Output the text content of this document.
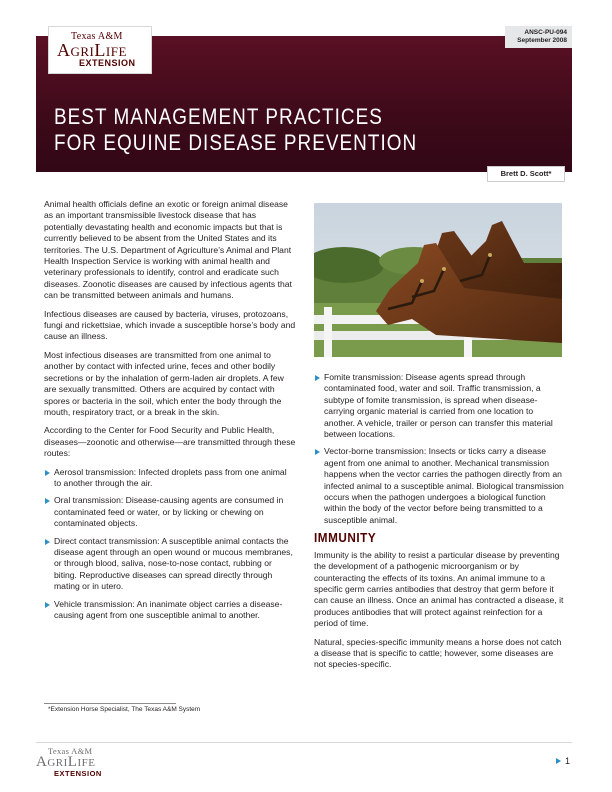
Texas A&M
AgriLife
EXTENSION
ANSC-PU-094
September 2008
BEST MANAGEMENT PRACTICES
FOR EQUINE DISEASE PREVENTION
Brett D. Scott*

Animal health officials define an exotic or foreign animal disease as an important transmissible livestock disease that has potentially devastating health and economic impacts but that is currently believed to be absent from the United States and its territories. The U.S. Department of Agriculture’s Animal and Plant Health Inspection Service is working with animal health and veterinary professionals to identify, control and eradicate such diseases. Zoonotic diseases are caused by infectious agents that can be transmitted between animals and humans.

Infectious diseases are caused by bacteria, viruses, protozoans, fungi and rickettsiae, which invade a susceptible horse’s body and cause an illness.

Most infectious diseases are transmitted from one animal to another by contact with infected urine, feces and other bodily secretions or by the inhalation of germ-laden air droplets. A few are sexually transmitted. Others are acquired by contact with spores or bacteria in the soil, which enter the body through the mouth, respiratory tract, or a break in the skin.

According to the Center for Food Security and Public Health, diseases—zoonotic and otherwise—are transmitted through these routes:

Aerosol transmission: Infected droplets pass from one animal to another through the air.
Oral transmission: Disease-causing agents are consumed in contaminated feed or water, or by licking or chewing on contaminated objects.
Direct contact transmission: A susceptible animal contacts the disease agent through an open wound or mucous membranes, or through blood, saliva, nose-to-nose contact, rubbing or biting. Reproductive diseases can spread directly through mating or in utero.
Vehicle transmission: An inanimate object carries a disease-causing agent from one susceptible animal to another.
Fomite transmission: Disease agents spread through contaminated food, water and soil. Traffic transmission, a subtype of fomite transmission, is spread when disease-carrying organic material is carried from one location to another. A vehicle, trailer or person can transfer this material between locations.
Vector-borne transmission: Insects or ticks carry a disease agent from one animal to another. Mechanical transmission happens when the vector carries the pathogen directly from an infected animal to a susceptible animal. Biological transmission occurs when the pathogen undergoes a biological function within the body of the vector before being transmitted to a susceptible animal.
IMMUNITY

Immunity is the ability to resist a particular disease by preventing the development of a pathogenic microorganism or by counteracting the effects of its toxins. An animal immune to a specific germ carries antibodies that destroy that germ before it can cause an illness. Once an animal has contracted a disease, it produces antibodies that will protect against reinfection for a period of time.

Natural, species-specific immunity means a horse does not catch a disease that is specific to cattle; however, some diseases are not species-specific.

*Extension Horse Specialist, The Texas A&M System
Texas A&M
AgriLife
EXTENSION
1
